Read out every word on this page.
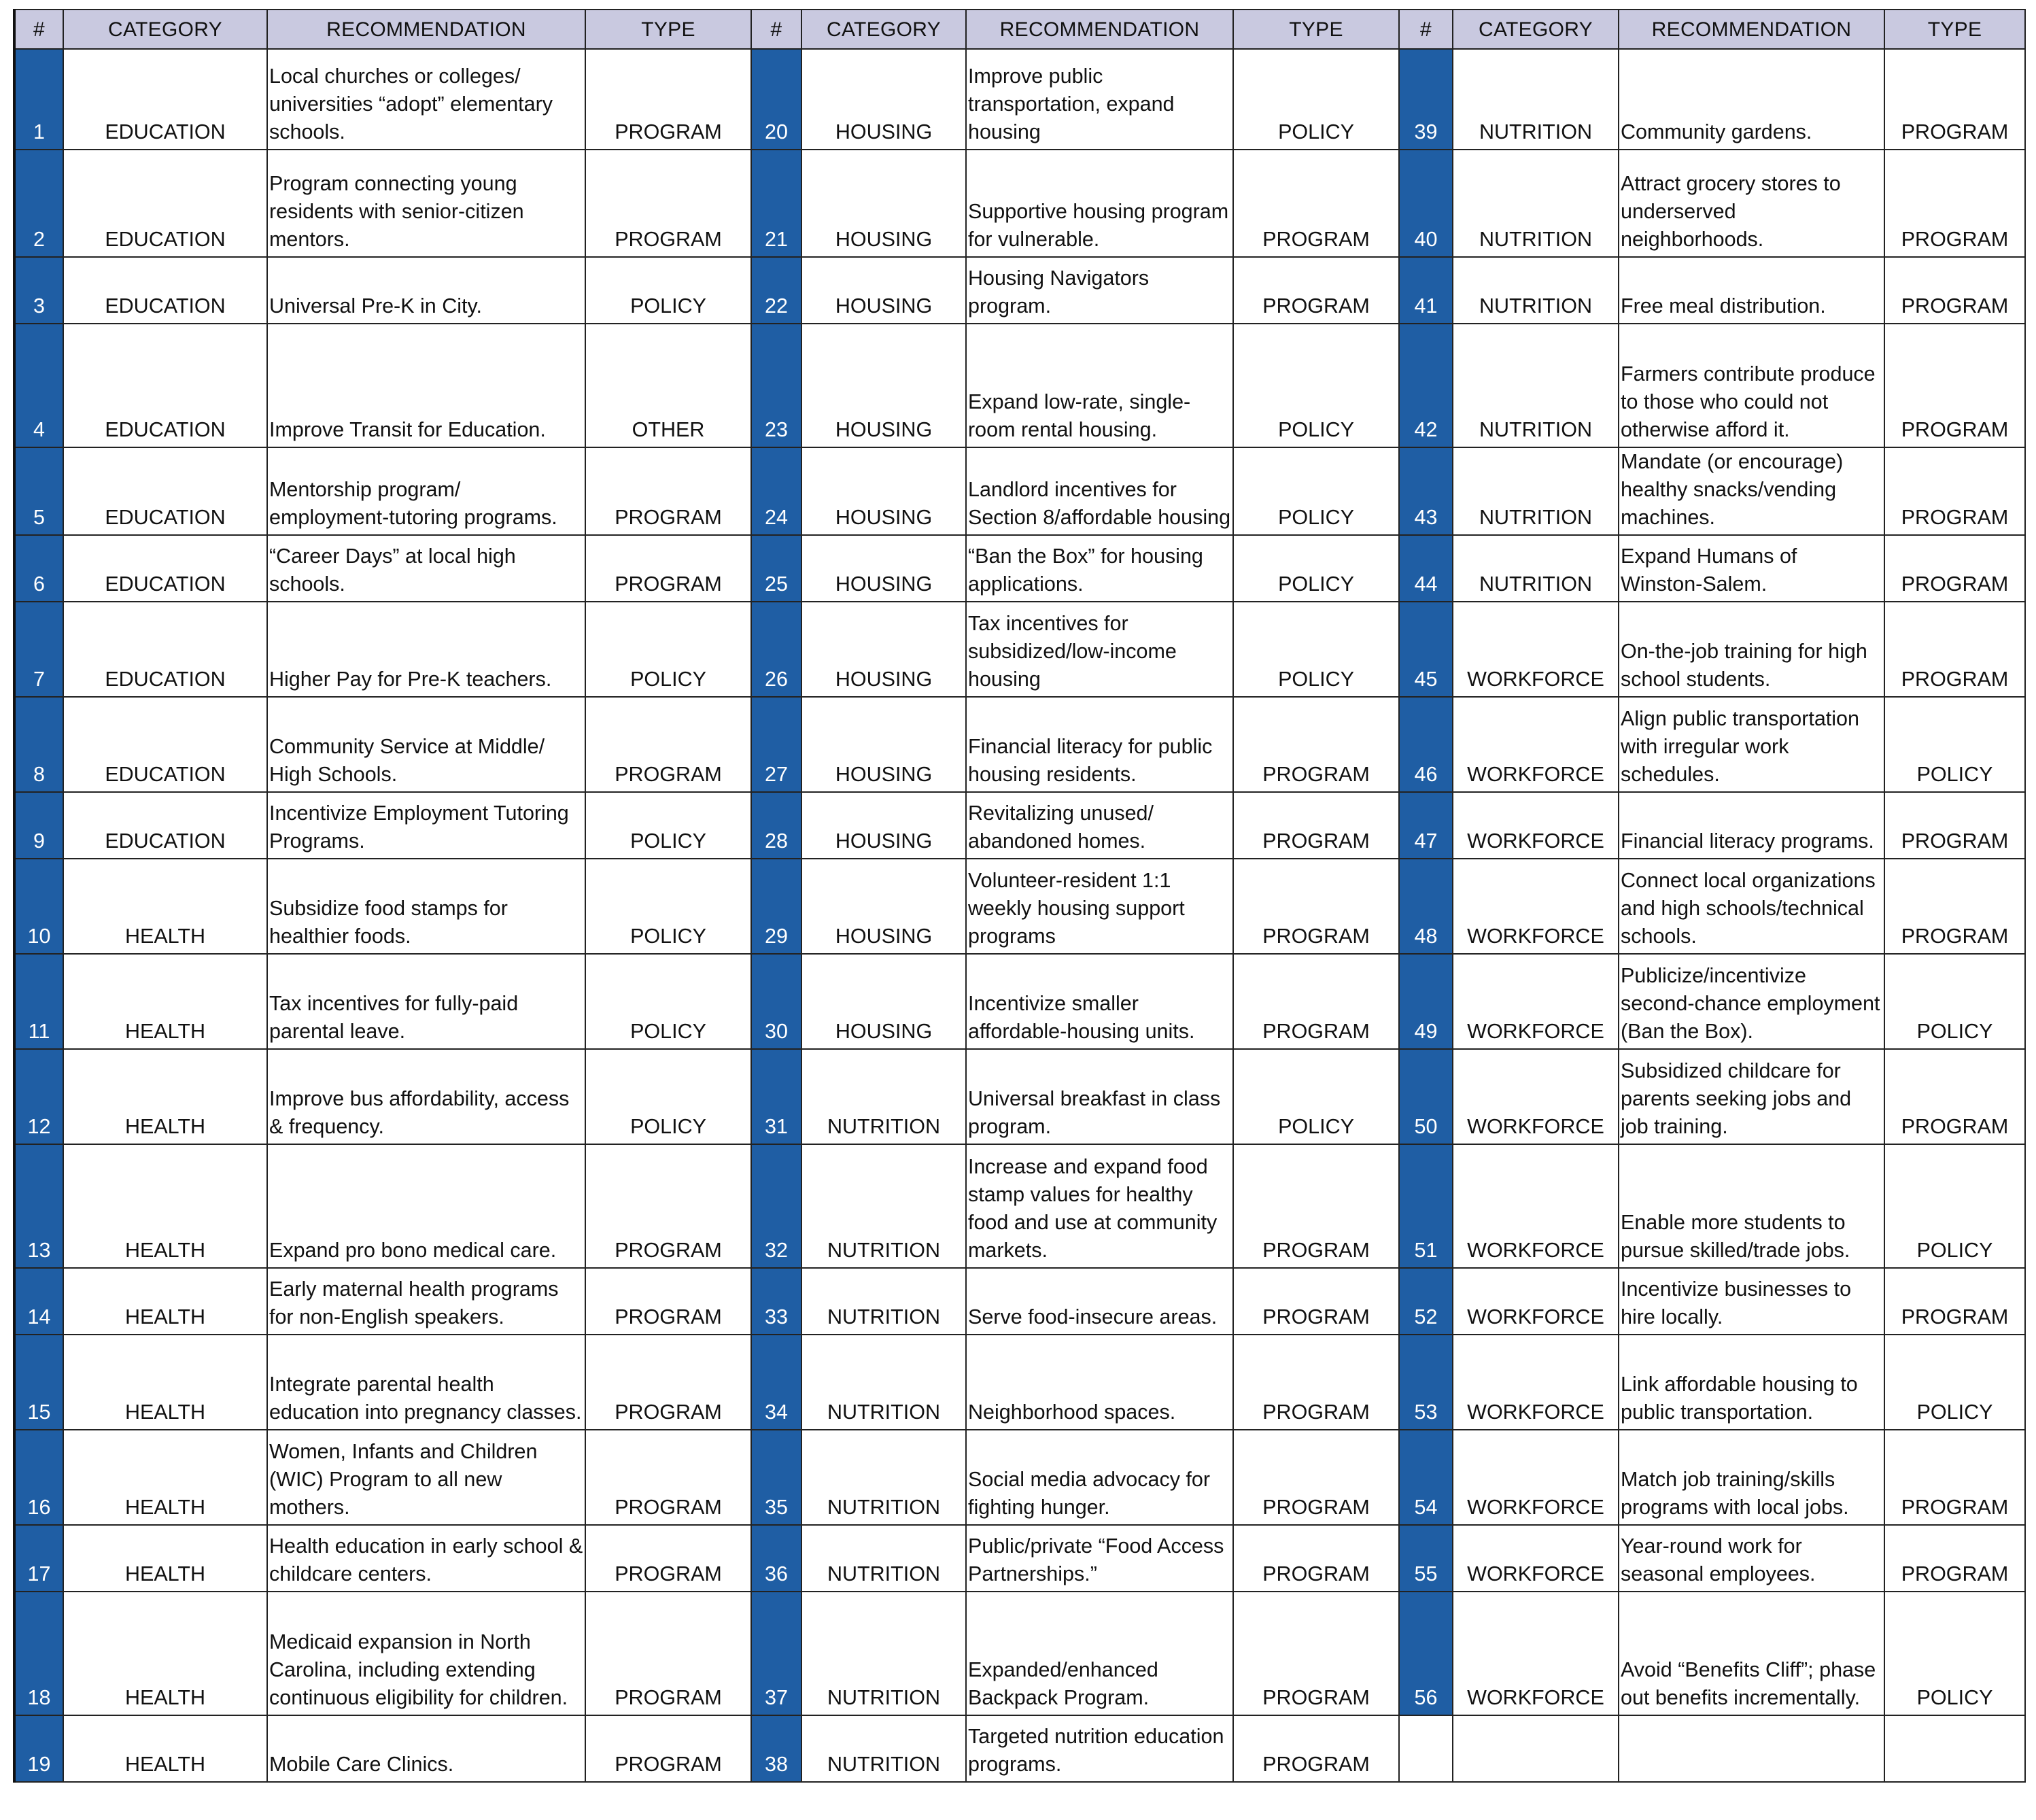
#	CATEGORY	RECOMMENDATION	TYPE	#	CATEGORY	RECOMMENDATION	TYPE	#	CATEGORY	RECOMMENDATION	TYPE
1	EDUCATION	Local churches or colleges/ universities “adopt” elementary schools.	PROGRAM	20	HOUSING	Improve public transportation, expand housing	POLICY	39	NUTRITION	Community gardens.	PROGRAM
2	EDUCATION	Program connecting young residents with senior-citizen mentors.	PROGRAM	21	HOUSING	Supportive housing program for vulnerable.	PROGRAM	40	NUTRITION	Attract grocery stores to underserved neighborhoods.	PROGRAM
3	EDUCATION	Universal Pre-K in City.	POLICY	22	HOUSING	Housing Navigators program.	PROGRAM	41	NUTRITION	Free meal distribution.	PROGRAM
4	EDUCATION	Improve Transit for Education.	OTHER	23	HOUSING	Expand low-rate, single-room rental housing.	POLICY	42	NUTRITION	Farmers contribute produce to those who could not otherwise afford it.	PROGRAM
5	EDUCATION	Mentorship program/ employment-tutoring programs.	PROGRAM	24	HOUSING	Landlord incentives for Section 8/affordable housing	POLICY	43	NUTRITION	Mandate (or encourage) healthy snacks/vending machines.	PROGRAM
6	EDUCATION	“Career Days” at local high schools.	PROGRAM	25	HOUSING	“Ban the Box” for housing applications.	POLICY	44	NUTRITION	Expand Humans of Winston-Salem.	PROGRAM
7	EDUCATION	Higher Pay for Pre-K teachers.	POLICY	26	HOUSING	Tax incentives for subsidized/low-income housing	POLICY	45	WORKFORCE	On-the-job training for high school students.	PROGRAM
8	EDUCATION	Community Service at Middle/ High Schools.	PROGRAM	27	HOUSING	Financial literacy for public housing residents.	PROGRAM	46	WORKFORCE	Align public transportation with irregular work schedules.	POLICY
9	EDUCATION	Incentivize Employment Tutoring Programs.	POLICY	28	HOUSING	Revitalizing unused/ abandoned homes.	PROGRAM	47	WORKFORCE	Financial literacy programs.	PROGRAM
10	HEALTH	Subsidize food stamps for healthier foods.	POLICY	29	HOUSING	Volunteer-resident 1:1 weekly housing support programs	PROGRAM	48	WORKFORCE	Connect local organizations and high schools/technical schools.	PROGRAM
11	HEALTH	Tax incentives for fully-paid parental leave.	POLICY	30	HOUSING	Incentivize smaller affordable-housing units.	PROGRAM	49	WORKFORCE	Publicize/incentivize second-chance employment (Ban the Box).	POLICY
12	HEALTH	Improve bus affordability, access & frequency.	POLICY	31	NUTRITION	Universal breakfast in class program.	POLICY	50	WORKFORCE	Subsidized childcare for parents seeking jobs and job training.	PROGRAM
13	HEALTH	Expand pro bono medical care.	PROGRAM	32	NUTRITION	Increase and expand food stamp values for healthy food and use at community markets.	PROGRAM	51	WORKFORCE	Enable more students to pursue skilled/trade jobs.	POLICY
14	HEALTH	Early maternal health programs for non-English speakers.	PROGRAM	33	NUTRITION	Serve food-insecure areas.	PROGRAM	52	WORKFORCE	Incentivize businesses to hire locally.	PROGRAM
15	HEALTH	Integrate parental health education into pregnancy classes.	PROGRAM	34	NUTRITION	Neighborhood spaces.	PROGRAM	53	WORKFORCE	Link affordable housing to public transportation.	POLICY
16	HEALTH	Women, Infants and Children (WIC) Program to all new mothers.	PROGRAM	35	NUTRITION	Social media advocacy for fighting hunger.	PROGRAM	54	WORKFORCE	Match job training/skills programs with local jobs.	PROGRAM
17	HEALTH	Health education in early school & childcare centers.	PROGRAM	36	NUTRITION	Public/private “Food Access Partnerships.”	PROGRAM	55	WORKFORCE	Year-round work for seasonal employees.	PROGRAM
18	HEALTH	Medicaid expansion in North Carolina, including extending continuous eligibility for children.	PROGRAM	37	NUTRITION	Expanded/enhanced Backpack Program.	PROGRAM	56	WORKFORCE	Avoid “Benefits Cliff”; phase out benefits incrementally.	POLICY
19	HEALTH	Mobile Care Clinics.	PROGRAM	38	NUTRITION	Targeted nutrition education programs.	PROGRAM				
